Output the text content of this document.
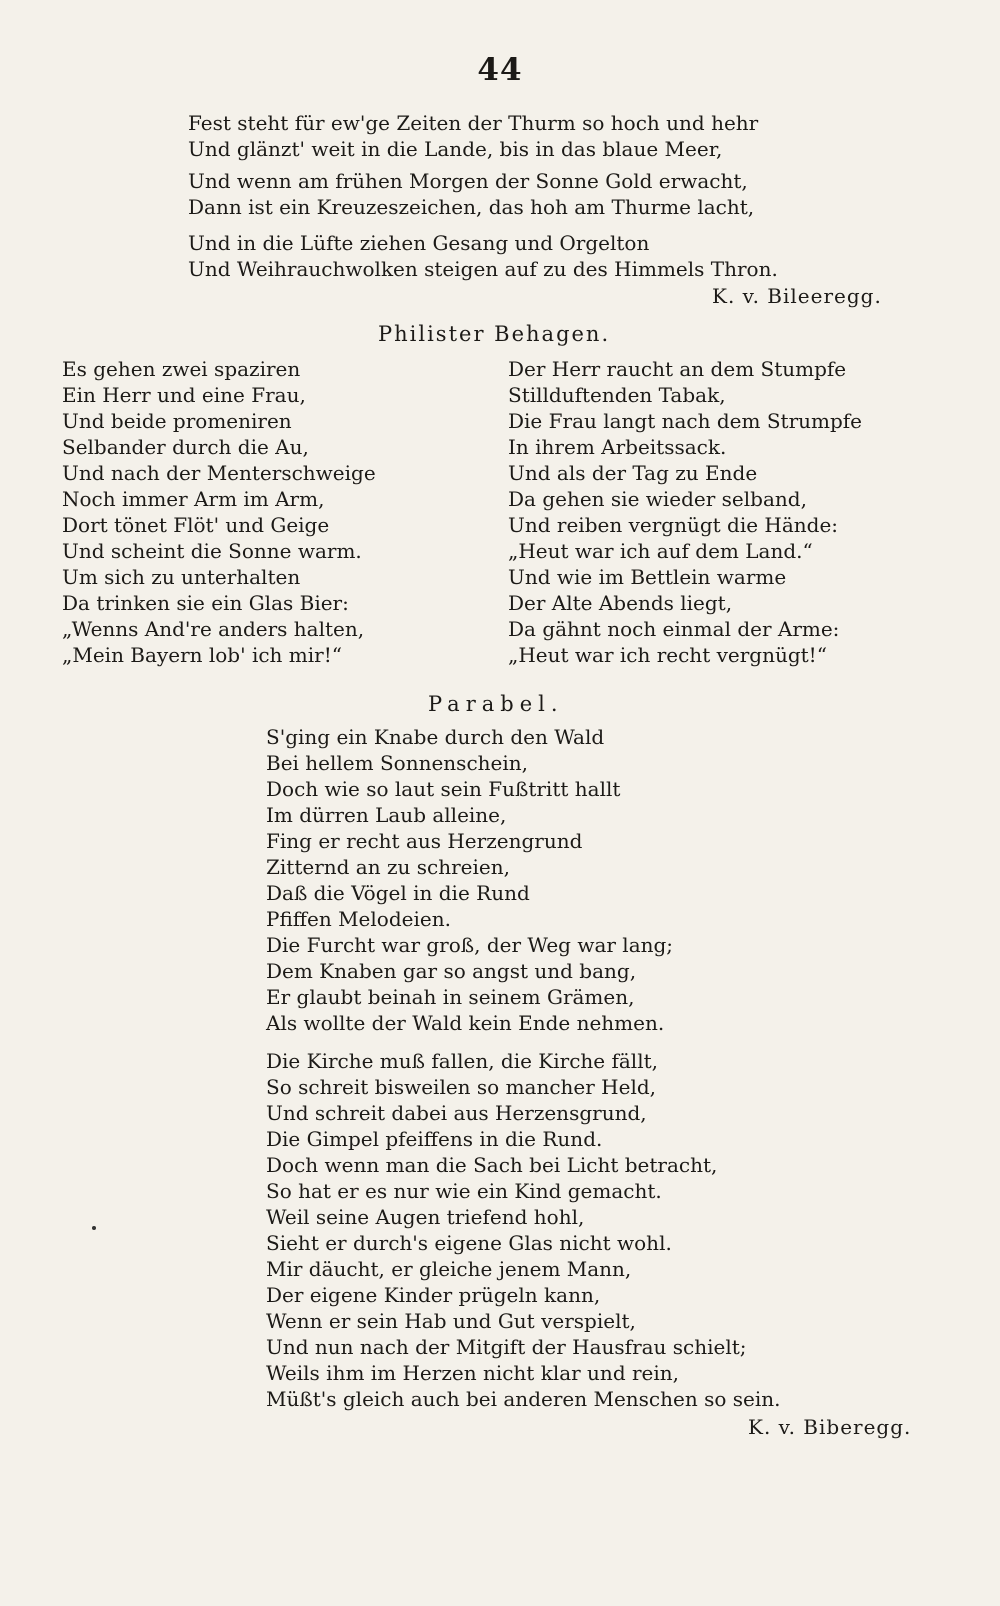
44
Fest steht für ew'ge Zeiten der Thurm so hoch und hehr
Und glänzt' weit in die Lande, bis in das blaue Meer,
Und wenn am frühen Morgen der Sonne Gold erwacht,
Dann ist ein Kreuzeszeichen, das hoh am Thurme lacht,
Und in die Lüfte ziehen Gesang und Orgelton
Und Weihrauchwolken steigen auf zu des Himmels Thron.
K. v. Bileeregg.
Philister Behagen.
Es gehen zwei spaziren
Ein Herr und eine Frau,
Und beide promeniren
Selbander durch die Au,
Und nach der Menterschweige
Noch immer Arm im Arm,
Dort tönet Flöt' und Geige
Und scheint die Sonne warm.
Um sich zu unterhalten
Da trinken sie ein Glas Bier:
„Wenns And're anders halten,
„Mein Bayern lob' ich mir!“
Der Herr raucht an dem Stumpfe
Stillduftenden Tabak,
Die Frau langt nach dem Strumpfe
In ihrem Arbeitssack.
Und als der Tag zu Ende
Da gehen sie wieder selband,
Und reiben vergnügt die Hände:
„Heut war ich auf dem Land.“
Und wie im Bettlein warme
Der Alte Abends liegt,
Da gähnt noch einmal der Arme:
„Heut war ich recht vergnügt!“
Parabel.
S'ging ein Knabe durch den Wald
Bei hellem Sonnenschein,
Doch wie so laut sein Fußtritt hallt
Im dürren Laub alleine,
Fing er recht aus Herzengrund
Zitternd an zu schreien,
Daß die Vögel in die Rund
Pfiffen Melodeien.
Die Furcht war groß, der Weg war lang;
Dem Knaben gar so angst und bang,
Er glaubt beinah in seinem Grämen,
Als wollte der Wald kein Ende nehmen.
Die Kirche muß fallen, die Kirche fällt,
So schreit bisweilen so mancher Held,
Und schreit dabei aus Herzensgrund,
Die Gimpel pfeiffens in die Rund.
Doch wenn man die Sach bei Licht betracht,
So hat er es nur wie ein Kind gemacht.
Weil seine Augen triefend hohl,
Sieht er durch's eigene Glas nicht wohl.
Mir däucht, er gleiche jenem Mann,
Der eigene Kinder prügeln kann,
Wenn er sein Hab und Gut verspielt,
Und nun nach der Mitgift der Hausfrau schielt;
Weils ihm im Herzen nicht klar und rein,
Müßt's gleich auch bei anderen Menschen so sein.
K. v. Biberegg.
